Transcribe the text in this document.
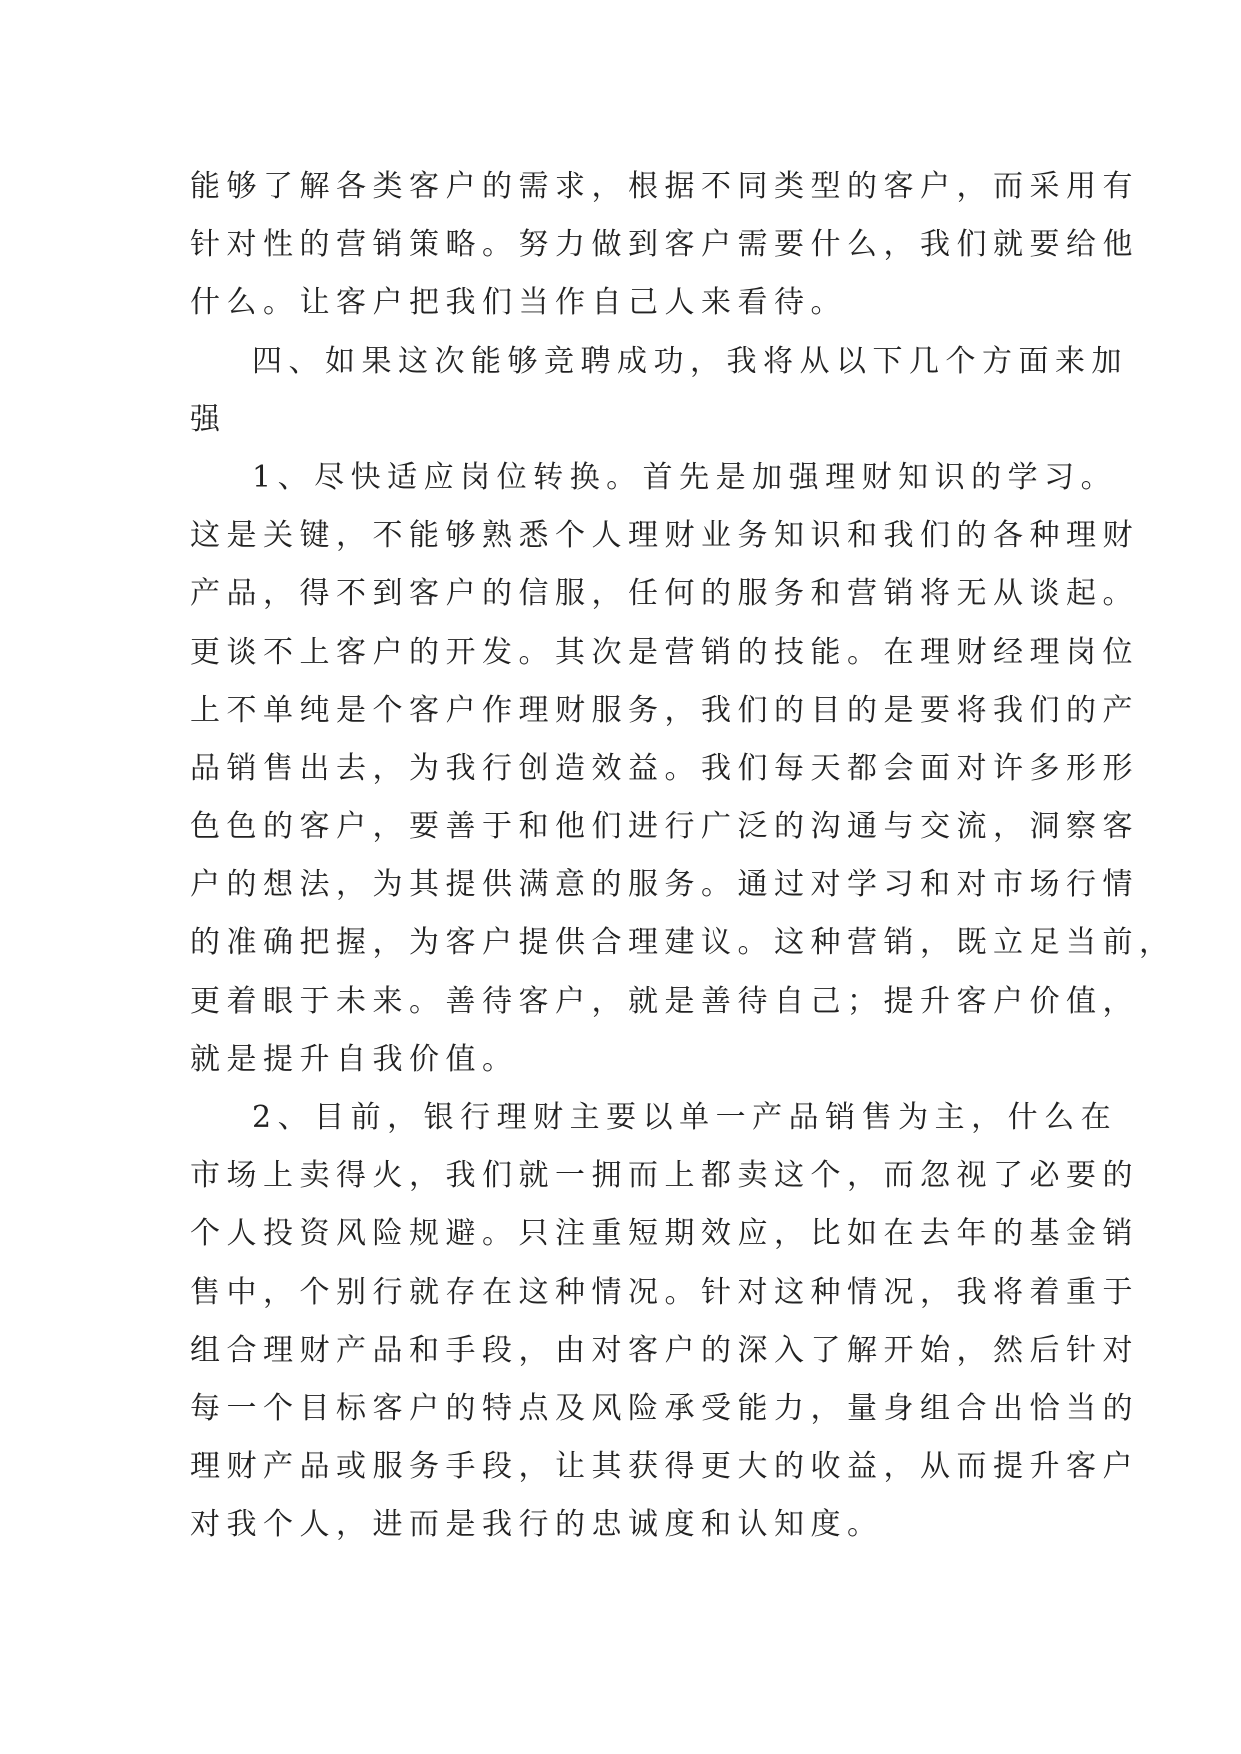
能够了解各类客户的需求，根据不同类型的客户，而采用有
针对性的营销策略。努力做到客户需要什么，我们就要给他
什么。让客户把我们当作自己人来看待。
四、如果这次能够竞聘成功，我将从以下几个方面来加
强
1、尽快适应岗位转换。首先是加强理财知识的学习。
这是关键，不能够熟悉个人理财业务知识和我们的各种理财
产品，得不到客户的信服，任何的服务和营销将无从谈起。
更谈不上客户的开发。其次是营销的技能。在理财经理岗位
上不单纯是个客户作理财服务，我们的目的是要将我们的产
品销售出去，为我行创造效益。我们每天都会面对许多形形
色色的客户，要善于和他们进行广泛的沟通与交流，洞察客
户的想法，为其提供满意的服务。通过对学习和对市场行情
的准确把握，为客户提供合理建议。这种营销，既立足当前，
更着眼于未来。善待客户，就是善待自己；提升客户价值，
就是提升自我价值。
2、目前，银行理财主要以单一产品销售为主，什么在
市场上卖得火，我们就一拥而上都卖这个，而忽视了必要的
个人投资风险规避。只注重短期效应，比如在去年的基金销
售中，个别行就存在这种情况。针对这种情况，我将着重于
组合理财产品和手段，由对客户的深入了解开始，然后针对
每一个目标客户的特点及风险承受能力，量身组合出恰当的
理财产品或服务手段，让其获得更大的收益，从而提升客户
对我个人，进而是我行的忠诚度和认知度。
